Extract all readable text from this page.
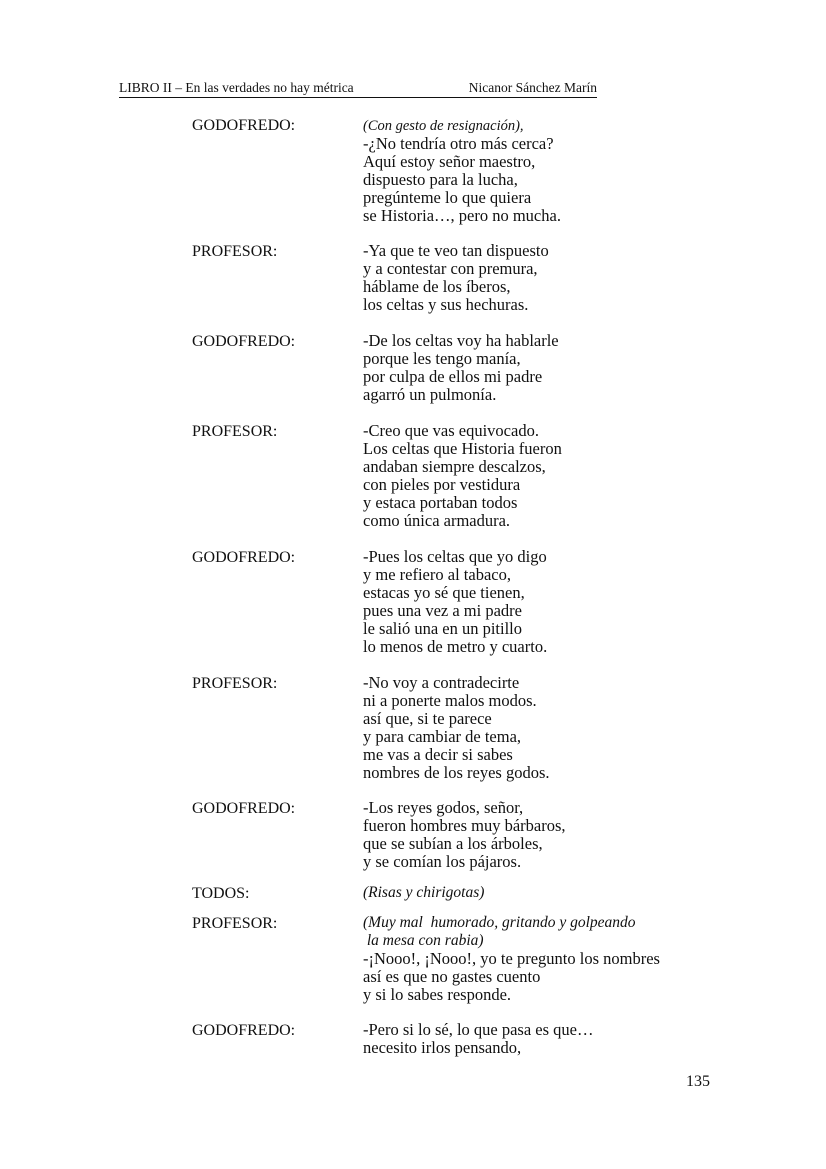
LIBRO II – En las verdades no hay métrica	Nicanor Sánchez Marín
GODOFREDO:	(Con gesto de resignación),
-¿No tendría otro más cerca?
Aquí estoy señor maestro,
dispuesto para la lucha,
pregúnteme lo que quiera
se Historia…, pero no mucha.
PROFESOR:	-Ya que te veo tan dispuesto
y a contestar con premura,
háblame de los íberos,
los celtas y sus hechuras.
GODOFREDO:	-De los celtas voy ha hablarle
porque les tengo manía,
por culpa de ellos mi padre
agarró un pulmonía.
PROFESOR:	-Creo que vas equivocado.
Los celtas que Historia fueron
andaban siempre descalzos,
con pieles por vestidura
y estaca portaban todos
como única armadura.
GODOFREDO:	-Pues los celtas que yo digo
y me refiero al tabaco,
estacas yo sé que tienen,
pues una vez a mi padre
le salió una en un pitillo
lo menos de metro y cuarto.
PROFESOR:	-No voy a contradecirte
ni a ponerte malos modos.
así que, si te parece
y para cambiar de tema,
me vas a decir si sabes
nombres de los reyes godos.
GODOFREDO:	-Los reyes godos, señor,
fueron hombres muy bárbaros,
que se subían a los árboles,
y se comían los pájaros.
TODOS:	(Risas y chirigotas)
PROFESOR:	(Muy mal  humorado, gritando y golpeando
la mesa con rabia)
-¡Nooo!, ¡Nooo!, yo te pregunto los nombres
así es que no gastes cuento
y si lo sabes responde.
GODOFREDO:	-Pero si lo sé, lo que pasa es que…
necesito irlos pensando,
135
